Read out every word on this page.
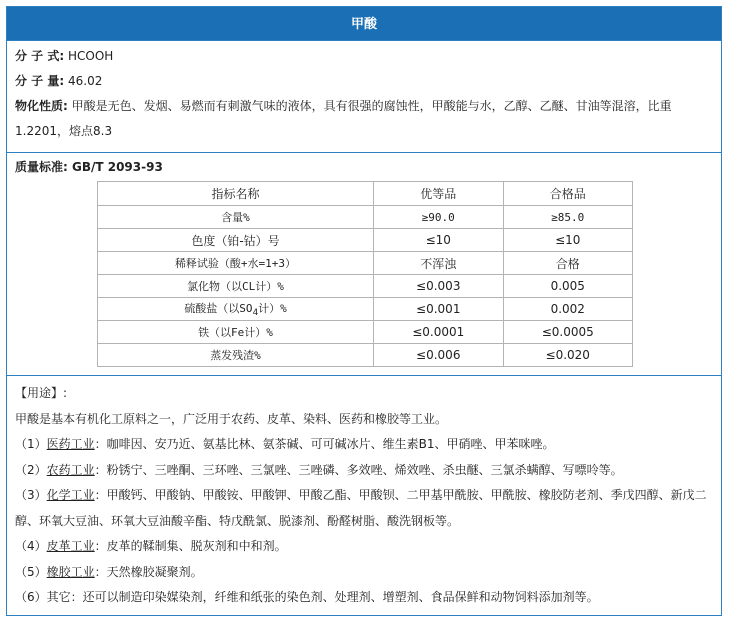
甲酸
分 子 式: HCOOH
分 子 量: 46.02
物化性质: 甲酸是无色、发烟、易燃而有刺激气味的液体，具有很强的腐蚀性，甲酸能与水，乙醇、乙醚、甘油等混溶，比重
1.2201，熔点8.3
质量标准: GB/T 2093-93
指标名称	优等品	合格品
含量%	≥90.0	≥85.0
色度（铂-钴）号	≤10	≤10
稀释试验（酸+水=1+3）	不浑浊	合格
氯化物（以CL计）%	≤0.003	0.005
硫酸盐（以$SO_4$计）%	≤0.001	0.002
铁（以Fe计）%	≤0.0001	≤0.0005
蒸发残渣%	≤0.006	≤0.020
【用途】:
甲酸是基本有机化工原料之一，广泛用于农药、皮革、染料、医药和橡胶等工业。
（1）医药工业：咖啡因、安乃近、氨基比林、氨茶碱、可可碱冰片、维生素B1、甲硝唑、甲苯咪唑。
（2）农药工业：粉锈宁、三唑酮、三环唑、三氯唑、三唑磷、多效唑、烯效唑、杀虫醚、三氯杀螨醇、写嘌呤等。
（3）化学工业：甲酸钙、甲酸钠、甲酸铵、甲酸钾、甲酸乙酯、甲酸钡、二甲基甲酰胺、甲酰胺、橡胶防老剂、季戊四醇、新戊二
醇、环氧大豆油、环氧大豆油酸辛酯、特戊酰氯、脱漆剂、酚醛树脂、酸洗钢板等。
（4）皮革工业：皮革的鞣制集、脱灰剂和中和剂。
（5）橡胶工业：天然橡胶凝聚剂。
（6）其它：还可以制造印染媒染剂，纤维和纸张的染色剂、处理剂、增塑剂、食品保鲜和动物饲料添加剂等。
